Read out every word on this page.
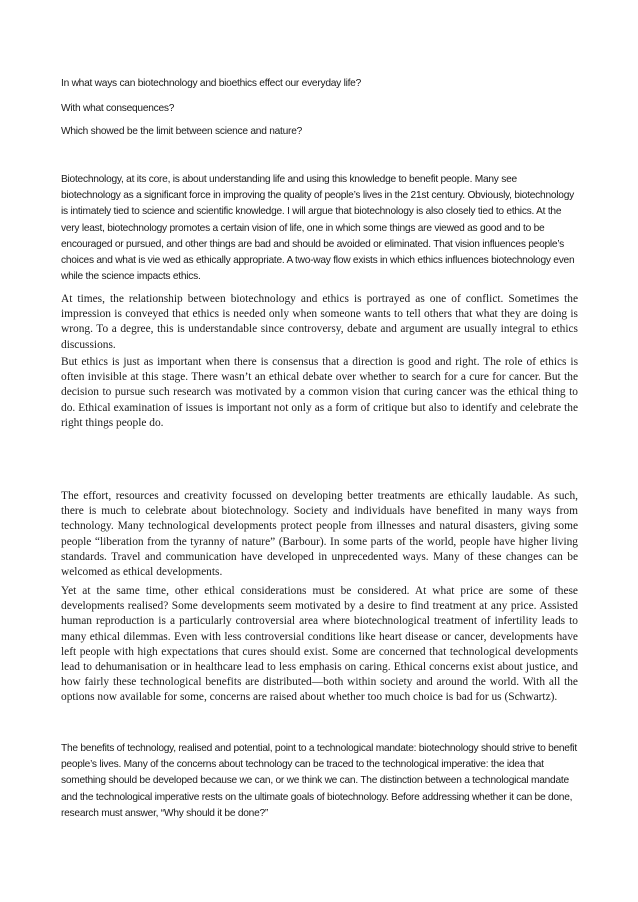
In what ways can biotechnology and bioethics effect our everyday life?

With what consequences?

Which showed be the limit between science and nature?

Biotechnology, at its core, is about understanding life and using this knowledge to benefit people. Many see biotechnology as a significant force in improving the quality of people’s lives in the 21st century. Obviously, biotechnology is intimately tied to science and scientific knowledge. I will argue that biotechnology is also closely tied to ethics. At the very least, biotechnology promotes a certain vision of life, one in which some things are viewed as good and to be encouraged or pursued, and other things are bad and should be avoided or eliminated. That vision influences people’s choices and what is vie wed as ethically appropriate. A two-way flow exists in which ethics influences biotechnology even while the science impacts ethics.

At times, the relationship between biotechnology and ethics is portrayed as one of conflict. Sometimes the impression is conveyed that ethics is needed only when someone wants to tell others that what they are doing is wrong. To a degree, this is understandable since controversy, debate and argument are usually integral to ethics discussions.

But ethics is just as important when there is consensus that a direction is good and right. The role of ethics is often invisible at this stage. There wasn’t an ethical debate over whether to search for a cure for cancer. But the decision to pursue such research was motivated by a common vision that curing cancer was the ethical thing to do. Ethical examination of issues is important not only as a form of critique but also to identify and celebrate the right things people do.

The effort, resources and creativity focussed on developing better treatments are ethically laudable. As such, there is much to celebrate about biotechnology. Society and individuals have benefited in many ways from technology. Many technological developments protect people from illnesses and natural disasters, giving some people “liberation from the tyranny of nature” (Barbour). In some parts of the world, people have higher living standards. Travel and communication have developed in unprecedented ways. Many of these changes can be welcomed as ethical developments.

Yet at the same time, other ethical considerations must be considered. At what price are some of these developments realised? Some developments seem motivated by a desire to find treatment at any price. Assisted human reproduction is a particularly controversial area where biotechnological treatment of infertility leads to many ethical dilemmas. Even with less controversial conditions like heart disease or cancer, developments have left people with high expectations that cures should exist. Some are concerned that technological developments lead to dehumanisation or in healthcare lead to less emphasis on caring. Ethical concerns exist about justice, and how fairly these technological benefits are distributed—both within society and around the world. With all the options now available for some, concerns are raised about whether too much choice is bad for us (Schwartz).

The benefits of technology, realised and potential, point to a technological mandate: biotechnology should strive to benefit people’s lives. Many of the concerns about technology can be traced to the technological imperative: the idea that something should be developed because we can, or we think we can. The distinction between a technological mandate and the technological imperative rests on the ultimate goals of biotechnology. Before addressing whether it can be done, research must answer, “Why should it be done?”
